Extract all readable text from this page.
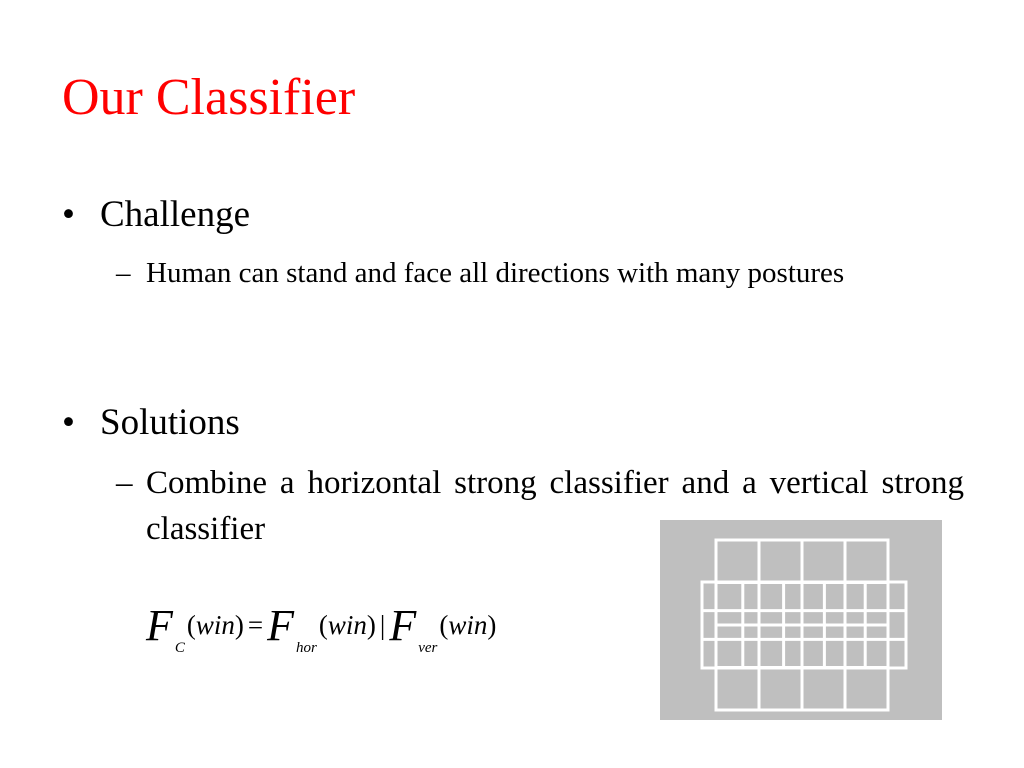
Our Classifier
• Challenge
– Human can stand and face all directions with many postures
• Solutions
– Combine a horizontal strong classifier and a vertical strong classifier
F C(win) =F hor(win) |F ver(win)
